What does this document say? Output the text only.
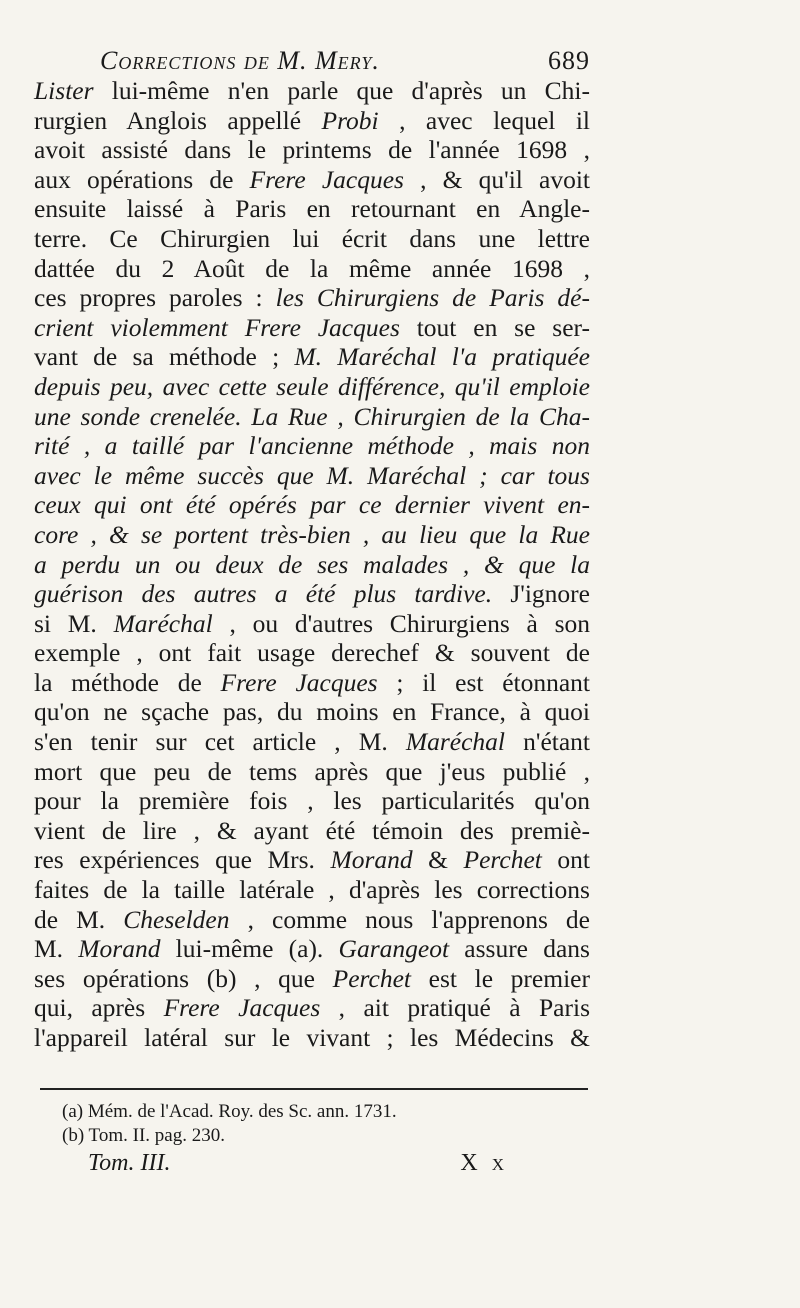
Corrections de M. Mery.	689
Lister lui-même n'en parle que d'après un Chi-
rurgien Anglois appellé Probi , avec lequel il
avoit assisté dans le printems de l'année 1698 ,
aux opérations de Frere Jacques , & qu'il avoit
ensuite laissé à Paris en retournant en Angle-
terre. Ce Chirurgien lui écrit dans une lettre
dattée du 2 Août de la même année 1698 ,
ces propres paroles : les Chirurgiens de Paris dé-
crient violemment Frere Jacques tout en se ser-
vant de sa méthode ; M. Maréchal l'a pratiquée
depuis peu, avec cette seule différence, qu'il emploie
une sonde crenelée. La Rue , Chirurgien de la Cha-
rité , a taillé par l'ancienne méthode , mais non
avec le même succès que M. Maréchal ; car tous
ceux qui ont été opérés par ce dernier vivent en-
core , & se portent très-bien , au lieu que la Rue
a perdu un ou deux de ses malades , & que la
guérison des autres a été plus tardive. J'ignore
si M. Maréchal , ou d'autres Chirurgiens à son
exemple , ont fait usage derechef & souvent de
la méthode de Frere Jacques ; il est étonnant
qu'on ne sçache pas, du moins en France, à quoi
s'en tenir sur cet article , M. Maréchal n'étant
mort que peu de tems après que j'eus publié ,
pour la première fois , les particularités qu'on
vient de lire , & ayant été témoin des premiè-
res expériences que Mrs. Morand & Perchet ont
faites de la taille latérale , d'après les corrections
de M. Cheselden , comme nous l'apprenons de
M. Morand lui-même (a). Garangeot assure dans
ses opérations (b) , que Perchet est le premier
qui, après Frere Jacques , ait pratiqué à Paris
l'appareil latéral sur le vivant ; les Médecins &
(a) Mém. de l'Acad. Roy. des Sc. ann. 1731.
(b) Tom. II. pag. 230.
Tom. III.	X x
